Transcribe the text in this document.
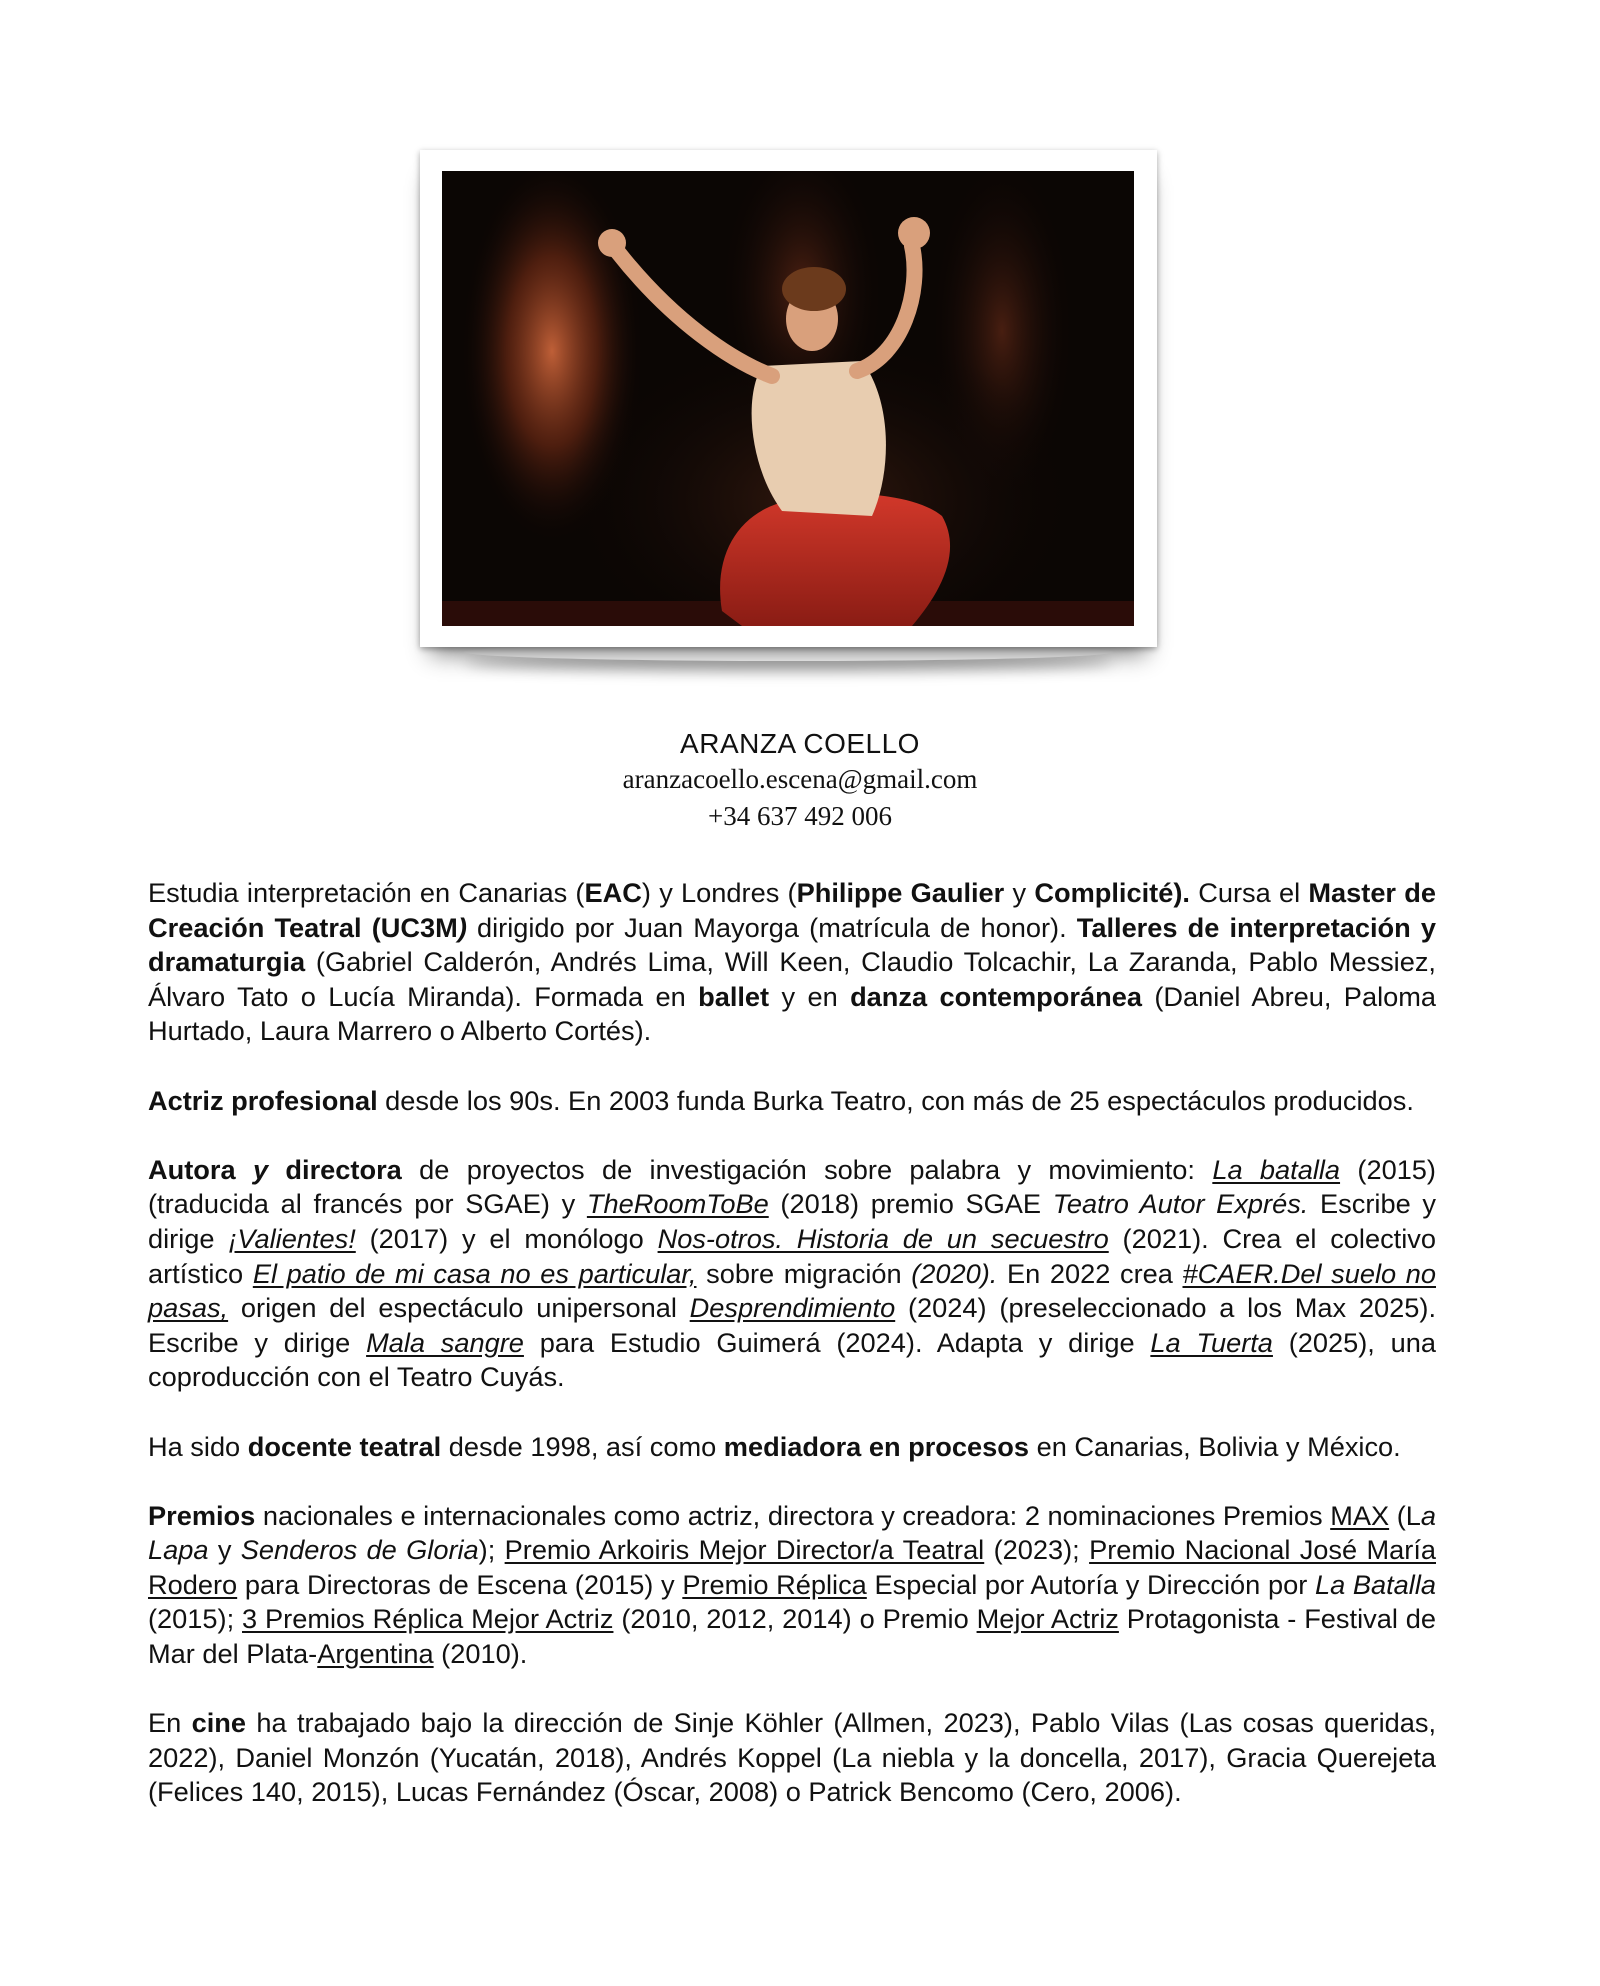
ARANZA COELLO
aranzacoello.escena@gmail.com
+34 637 492 006

Estudia interpretación en Canarias (EAC) y Londres (Philippe Gaulier y Complicité). Cursa el Master de Creación Teatral (UC3M) dirigido por Juan Mayorga (matrícula de honor). Talleres de interpretación y dramaturgia (Gabriel Calderón, Andrés Lima, Will Keen, Claudio Tolcachir, La Zaranda, Pablo Messiez, Álvaro Tato o Lucía Miranda). Formada en ballet y en danza contemporánea (Daniel Abreu, Paloma Hurtado, Laura Marrero o Alberto Cortés).

Actriz profesional desde los 90s. En 2003 funda Burka Teatro, con más de 25 espectáculos producidos.

Autora y directora de proyectos de investigación sobre palabra y movimiento: La batalla (2015) (traducida al francés por SGAE) y TheRoomToBe (2018) premio SGAE Teatro Autor Exprés. Escribe y dirige ¡Valientes! (2017) y el monólogo Nos-otros. Historia de un secuestro (2021). Crea el colectivo artístico El patio de mi casa no es particular, sobre migración (2020). En 2022 crea #CAER.Del suelo no pasas, origen del espectáculo unipersonal Desprendimiento (2024) (preseleccionado a los Max 2025). Escribe y dirige Mala sangre para Estudio Guimerá (2024). Adapta y dirige La Tuerta (2025), una coproducción con el Teatro Cuyás.

Ha sido docente teatral desde 1998, así como mediadora en procesos en Canarias, Bolivia y México.

Premios nacionales e internacionales como actriz, directora y creadora: 2 nominaciones Premios MAX (La Lapa y Senderos de Gloria); Premio Arkoiris Mejor Director/a Teatral (2023); Premio Nacional José María Rodero para Directoras de Escena (2015) y Premio Réplica Especial por Autoría y Dirección por La Batalla (2015); 3 Premios Réplica Mejor Actriz (2010, 2012, 2014) o Premio Mejor Actriz Protagonista - Festival de Mar del Plata-Argentina (2010).

En cine ha trabajado bajo la dirección de Sinje Köhler (Allmen, 2023), Pablo Vilas (Las cosas queridas, 2022), Daniel Monzón (Yucatán, 2018), Andrés Koppel (La niebla y la doncella, 2017), Gracia Querejeta (Felices 140, 2015), Lucas Fernández (Óscar, 2008) o Patrick Bencomo (Cero, 2006).
